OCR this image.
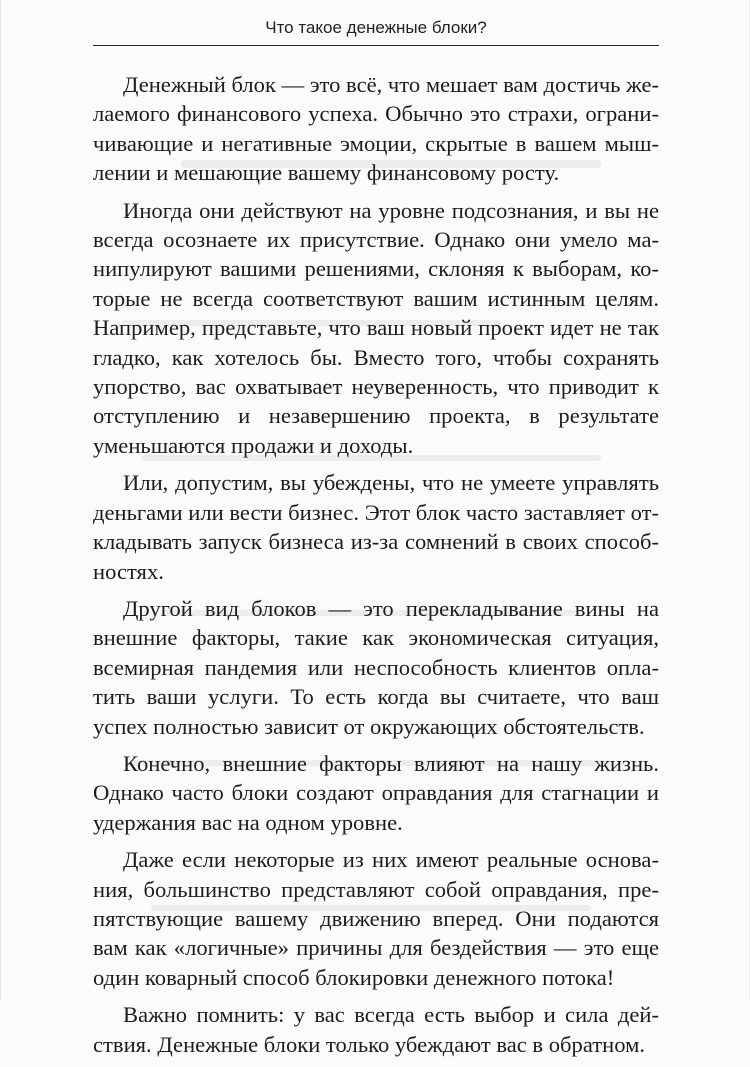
Что такое денежные блоки?

Денежный блок — это всё, что мешает вам достичь желаемого финансового успеха. Обычно это страхи, ограничивающие и негативные эмоции, скрытые в вашем мышлении и мешающие вашему финансовому росту.

Иногда они действуют на уровне подсознания, и вы не всегда осознаете их присутствие. Однако они умело манипулируют вашими решениями, склоняя к выборам, которые не всегда соответствуют вашим истинным целям. Например, представьте, что ваш новый проект идет не так гладко, как хотелось бы. Вместо того, чтобы сохранять упорство, вас охватывает неуверенность, что приводит к отступлению и незавершению проекта, в результате уменьшаются продажи и доходы.

Или, допустим, вы убеждены, что не умеете управлять деньгами или вести бизнес. Этот блок часто заставляет откладывать запуск бизнеса из-за сомнений в своих способностях.

Другой вид блоков — это перекладывание вины на внешние факторы, такие как экономическая ситуация, всемирная пандемия или неспособность клиентов оплатить ваши услуги. То есть когда вы считаете, что ваш успех полностью зависит от окружающих обстоятельств.

Конечно, внешние факторы влияют на нашу жизнь. Однако часто блоки создают оправдания для стагнации и удержания вас на одном уровне.

Даже если некоторые из них имеют реальные основания, большинство представляют собой оправдания, препятствующие вашему движению вперед. Они подаются вам как «логичные» причины для бездействия — это еще один коварный способ блокировки денежного потока!

Важно помнить: у вас всегда есть выбор и сила действия. Денежные блоки только убеждают вас в обратном.
